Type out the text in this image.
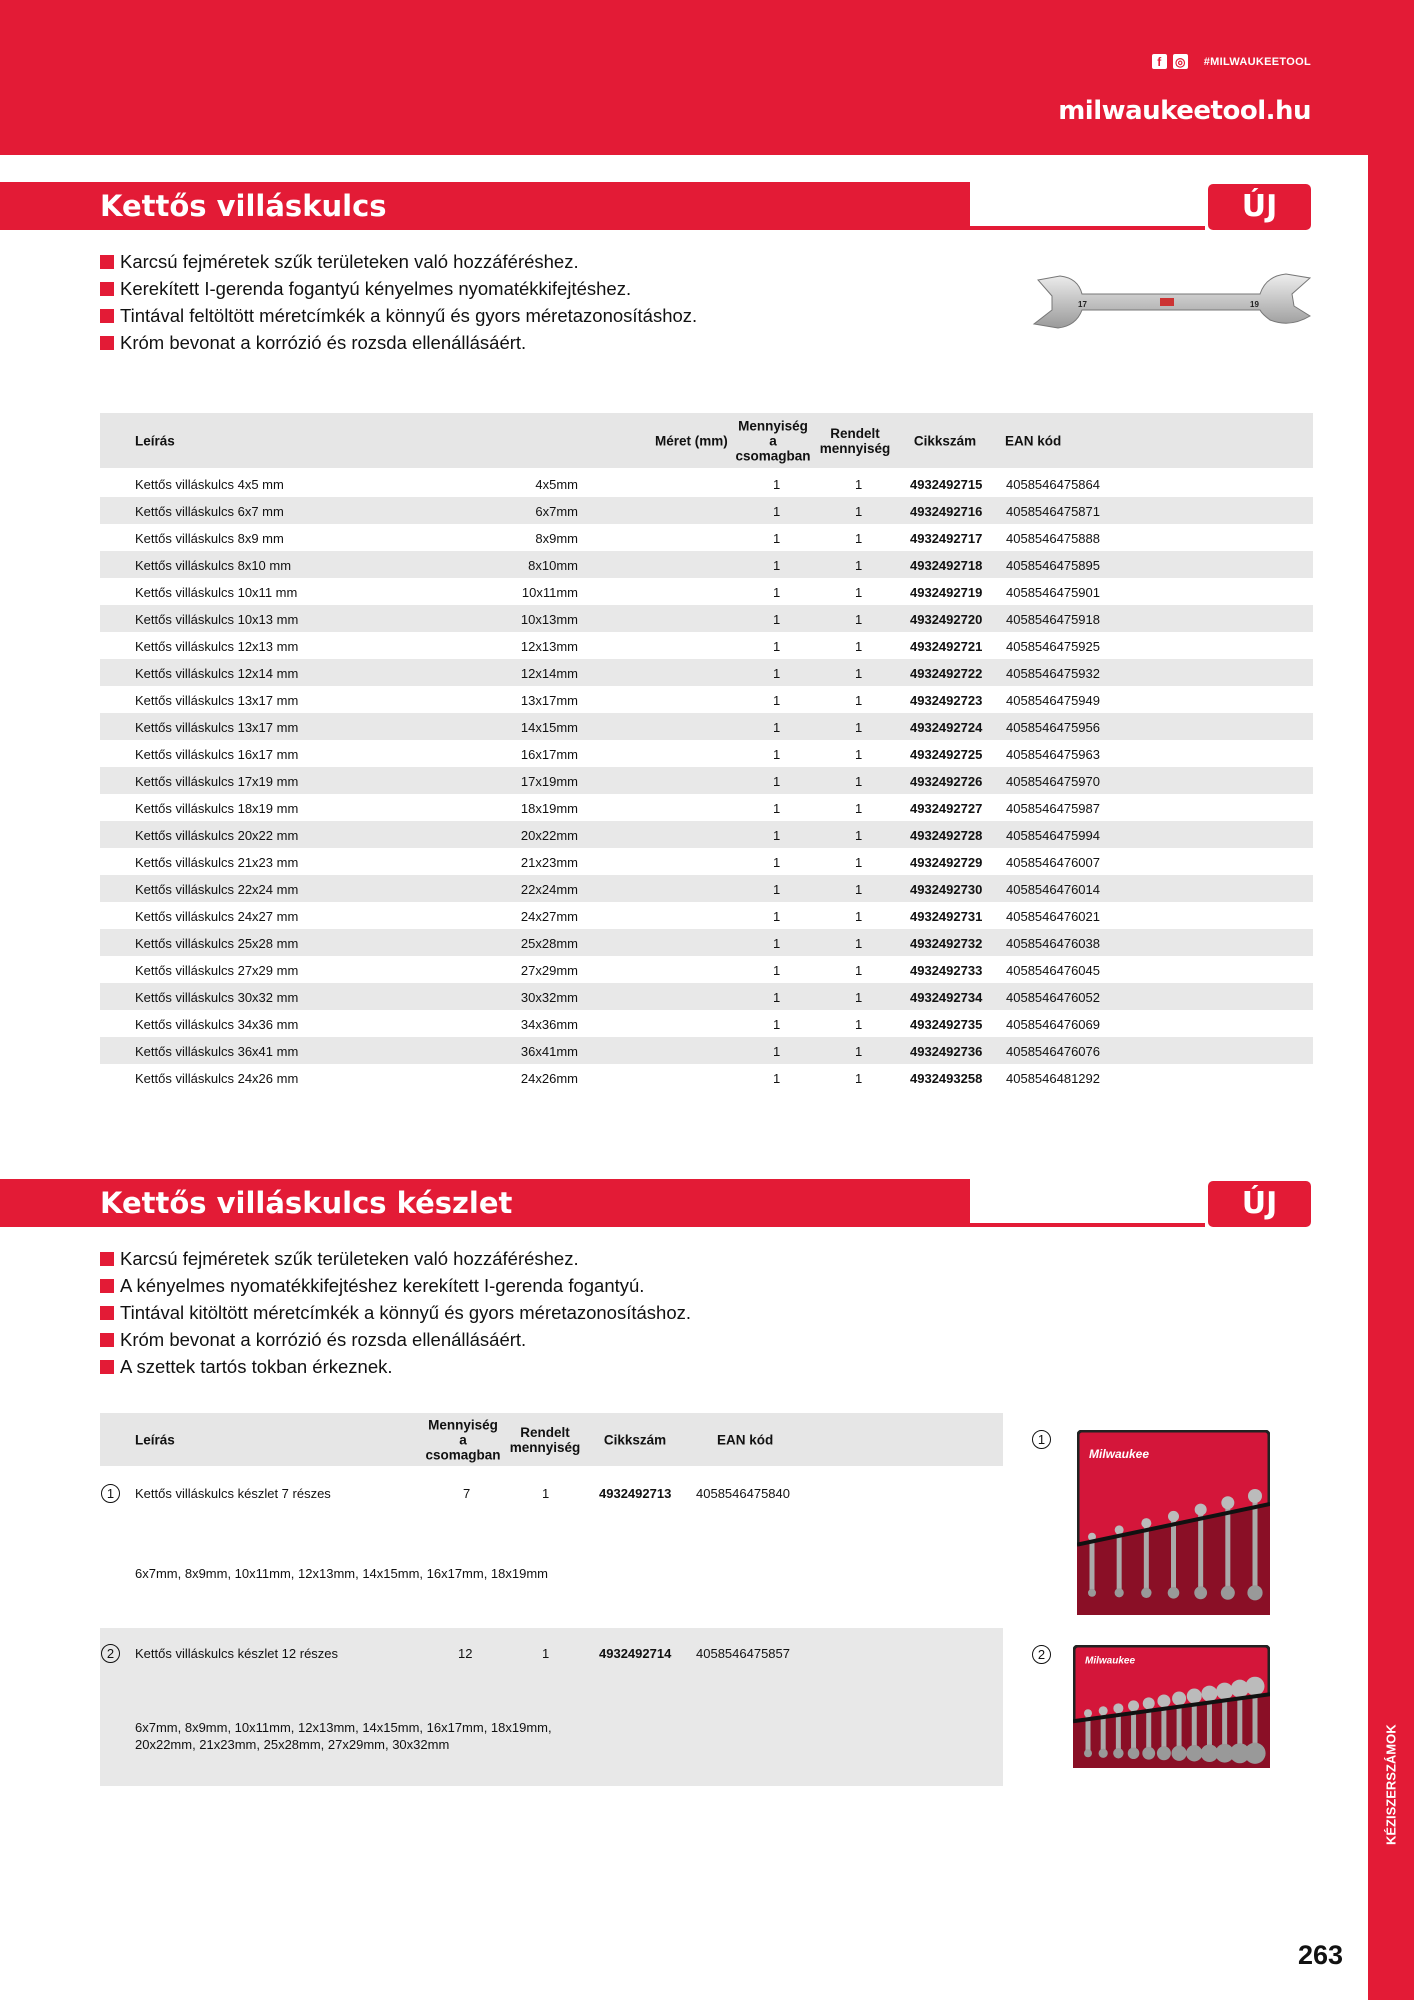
f	◎ #MILWAUKEETOOL
milwaukeetool.hu
Kettős villáskulcs	ÚJ
Karcsú fejméretek szűk területeken való hozzáféréshez.
Kerekített I-gerenda fogantyú kényelmes nyomatékkifejtéshez.
Tintával feltöltött méretcímkék a könnyű és gyors méretazonosításhoz.
Króm bevonat a korrózió és rozsda ellenállásáért.
17	19
Leírás	Méret (mm)
Mennyiség a
csomagban
Rendelt
mennyiség	Cikkszám	EAN kód
Kettős villáskulcs 4x5 mm	4x5mm	1	1	4932492715 4058546475864
Kettős villáskulcs 6x7 mm	6x7mm	1	1	4932492716 4058546475871
Kettős villáskulcs 8x9 mm	8x9mm	1	1	4932492717 4058546475888
Kettős villáskulcs 8x10 mm	8x10mm	1	1	4932492718 4058546475895
Kettős villáskulcs 10x11 mm	10x11mm	1	1	4932492719 4058546475901
Kettős villáskulcs 10x13 mm	10x13mm	1	1	4932492720 4058546475918
Kettős villáskulcs 12x13 mm	12x13mm	1	1	4932492721 4058546475925
Kettős villáskulcs 12x14 mm	12x14mm	1	1	4932492722 4058546475932
Kettős villáskulcs 13x17 mm	13x17mm	1	1	4932492723 4058546475949
Kettős villáskulcs 13x17 mm	14x15mm	1	1	4932492724 4058546475956
Kettős villáskulcs 16x17 mm	16x17mm	1	1	4932492725 4058546475963
Kettős villáskulcs 17x19 mm	17x19mm	1	1	4932492726 4058546475970
Kettős villáskulcs 18x19 mm	18x19mm	1	1	4932492727 4058546475987
Kettős villáskulcs 20x22 mm	20x22mm	1	1	4932492728 4058546475994
Kettős villáskulcs 21x23 mm	21x23mm	1	1	4932492729 4058546476007
Kettős villáskulcs 22x24 mm	22x24mm	1	1	4932492730 4058546476014
Kettős villáskulcs 24x27 mm	24x27mm	1	1	4932492731 4058546476021
Kettős villáskulcs 25x28 mm	25x28mm	1	1	4932492732 4058546476038
Kettős villáskulcs 27x29 mm	27x29mm	1	1	4932492733 4058546476045
Kettős villáskulcs 30x32 mm	30x32mm	1	1	4932492734 4058546476052
Kettős villáskulcs 34x36 mm	34x36mm	1	1	4932492735 4058546476069
Kettős villáskulcs 36x41 mm	36x41mm	1	1	4932492736 4058546476076
Kettős villáskulcs 24x26 mm	24x26mm	1	1	4932493258 4058546481292
Kettős villáskulcs készlet	ÚJ
Karcsú fejméretek szűk területeken való hozzáféréshez.
A kényelmes nyomatékkifejtéshez kerekített I-gerenda fogantyú.
Tintával kitöltött méretcímkék a könnyű és gyors méretazonosításhoz.
Króm bevonat a korrózió és rozsda ellenállásáért.
A szettek tartós tokban érkeznek.
Leírás
Mennyiség a
csomagban
Rendelt
mennyiség	Cikkszám	EAN kód
1	Kettős villáskulcs készlet 7 részes	7	1	4932492713 4058546475840
6x7mm, 8x9mm, 10x11mm, 12x13mm, 14x15mm, 16x17mm, 18x19mm
2	Kettős villáskulcs készlet 12 részes	12	1	4932492714 4058546475857
6x7mm, 8x9mm, 10x11mm, 12x13mm, 14x15mm, 16x17mm, 18x19mm,
20x22mm, 21x23mm, 25x28mm, 27x29mm, 30x32mm
1
Milwaukee
2	Milwaukee
KÉZISZERSZÁMOK
263
